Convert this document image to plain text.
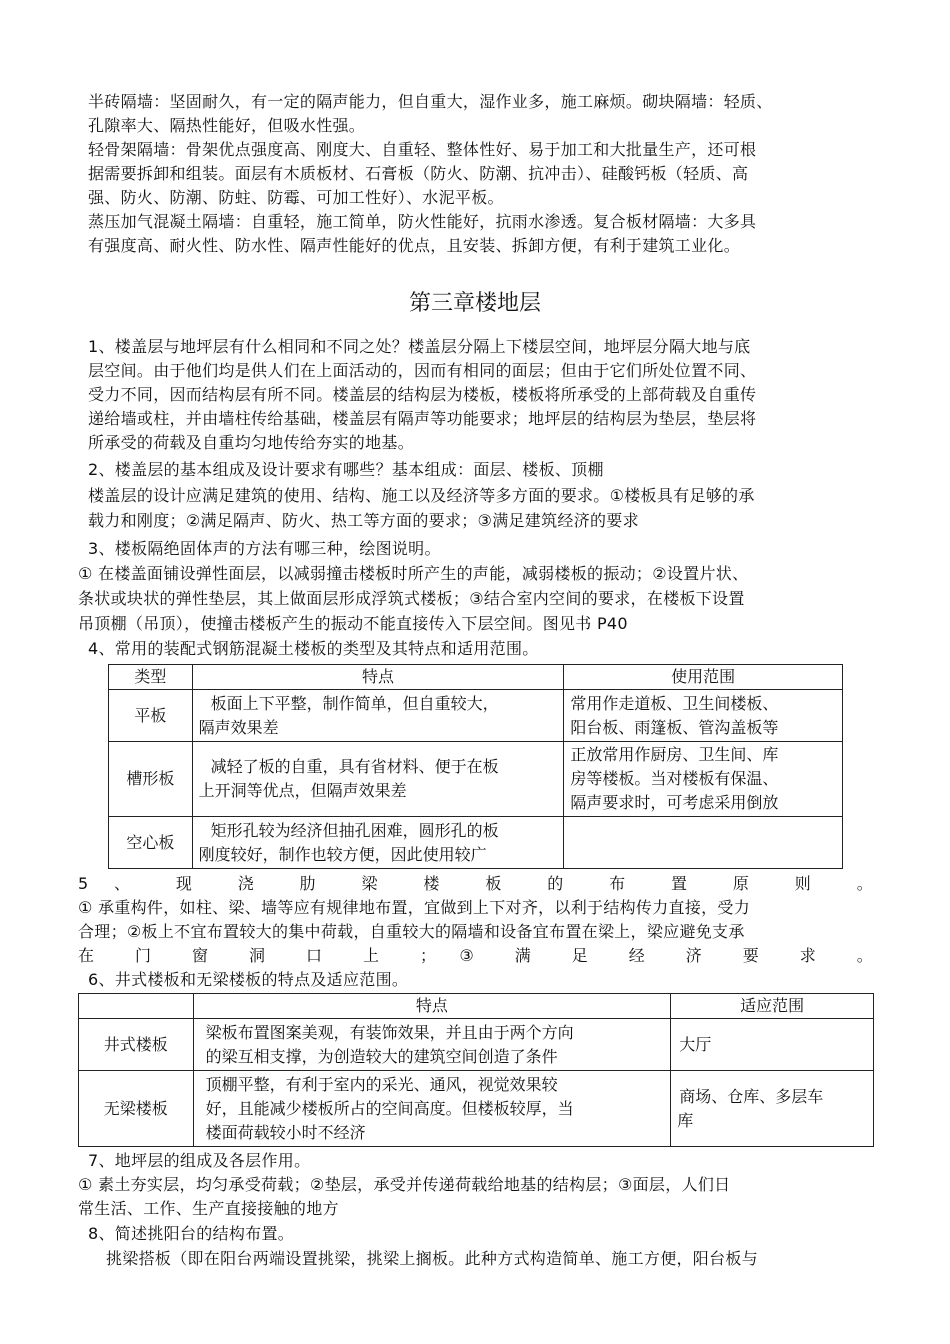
半砖隔墙：坚固耐久，有一定的隔声能力，但自重大，湿作业多，施工麻烦。砌块隔墙：轻质、
孔隙率大、隔热性能好，但吸水性强。
轻骨架隔墙：骨架优点强度高、刚度大、自重轻、整体性好、易于加工和大批量生产，还可根
据需要拆卸和组装。面层有木质板材、石膏板（防火、防潮、抗冲击）、硅酸钙板（轻质、高
强、防火、防潮、防蛀、防霉、可加工性好）、水泥平板。
蒸压加气混凝土隔墙：自重轻，施工简单，防火性能好，抗雨水渗透。复合板材隔墙：大多具
有强度高、耐火性、防水性、隔声性能好的优点，且安装、拆卸方便，有利于建筑工业化。
第三章楼地层
1、楼盖层与地坪层有什么相同和不同之处？楼盖层分隔上下楼层空间，地坪层分隔大地与底
层空间。由于他们均是供人们在上面活动的，因而有相同的面层；但由于它们所处位置不同、
受力不同，因而结构层有所不同。楼盖层的结构层为楼板，楼板将所承受的上部荷载及自重传
递给墙或柱，并由墙柱传给基础，楼盖层有隔声等功能要求；地坪层的结构层为垫层，垫层将
所承受的荷载及自重均匀地传给夯实的地基。
2、楼盖层的基本组成及设计要求有哪些？基本组成：面层、楼板、顶棚
楼盖层的设计应满足建筑的使用、结构、施工以及经济等多方面的要求。①楼板具有足够的承
载力和刚度；②满足隔声、防火、热工等方面的要求；③满足建筑经济的要求
3、楼板隔绝固体声的方法有哪三种，绘图说明。
① 在楼盖面铺设弹性面层，以减弱撞击楼板时所产生的声能，减弱楼板的振动；②设置片状、
条状或块状的弹性垫层，其上做面层形成浮筑式楼板；③结合室内空间的要求，在楼板下设置
吊顶棚（吊顶），使撞击楼板产生的振动不能直接传入下层空间。图见书 P40
4、常用的装配式钢筋混凝土楼板的类型及其特点和适用范围。
类型	特点	使用范围
平板	板面上下平整，制作简单，但自重较大，
隔声效果差	常用作走道板、卫生间楼板、
阳台板、雨篷板、管沟盖板等

槽形板	减轻了板的自重，具有省材料、便于在板
上开洞等优点，但隔声效果差	正放常用作厨房、卫生间、库
房等楼板。当对楼板有保温、
隔声要求时，可考虑采用倒放

空心板	矩形孔较为经济但抽孔困难，圆形孔的板
刚度较好，制作也较方便，因此使用较广	

5 、 现 浇 肋 梁 楼 板 的 布 置 原 则 。
① 承重构件，如柱、梁、墙等应有规律地布置，宜做到上下对齐，以利于结构传力直接，受力
合理；②板上不宜布置较大的集中荷载，自重较大的隔墙和设备宜布置在梁上，梁应避免支承
在 门 窗 洞 口 上 ； ③ 满 足 经 济 要 求 。
6、井式楼板和无梁楼板的特点及适应范围。
	特点	适应范围
井式楼板	梁板布置图案美观，有装饰效果，并且由于两个方向
的梁互相支撑，为创造较大的建筑空间创造了条件	大厅

无梁楼板	顶棚平整，有利于室内的采光、通风，视觉效果较
好，且能减少楼板所占的空间高度。但楼板较厚，当
楼面荷载较小时不经济	商场、仓库、多层车
库
7、地坪层的组成及各层作用。
① 素土夯实层，均匀承受荷载；②垫层，承受并传递荷载给地基的结构层；③面层，人们日
常生活、工作、生产直接接触的地方
8、简述挑阳台的结构布置。
挑梁搭板（即在阳台两端设置挑梁，挑梁上搁板。此种方式构造简单、施工方便，阳台板与
